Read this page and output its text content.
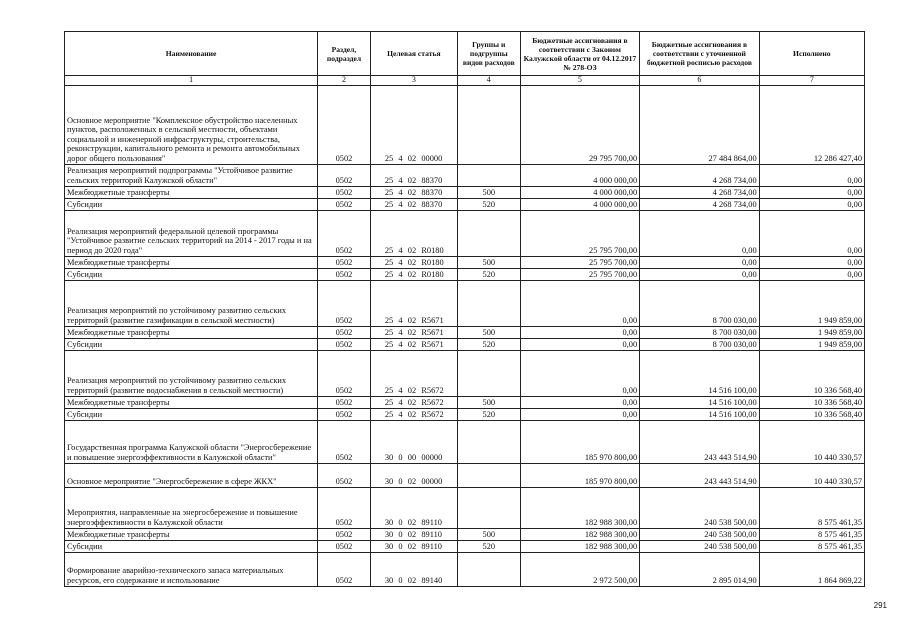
Наименование	Раздел, подраздел	Целевая статья	Группы и подгруппы видов расходов	Бюджетные ассигнования в соответствии с Законом Калужской области от 04.12.2017 № 278-ОЗ	Бюджетные ассигнования в соответствии с уточненной бюджетной росписью расходов	Исполнено
1	2	3	4	5	6	7
Основное мероприятие "Комплексное обустройство населенных пунктов, расположенных в сельской местности, объектами социальной и инженерной инфраструктуры, строительства, реконструкции, капитального ремонта и ремонта автомобильных дорог общего пользования"	0502	25  4  02  00000		29 795 700,00	27 484 864,00	12 286 427,40
Реализация мероприятий подпрограммы "Устойчивое развитие сельских территорий Калужской области"	0502	25  4  02  88370		4 000 000,00	4 268 734,00	0,00
Межбюджетные трансферты	0502	25  4  02  88370	500	4 000 000,00	4 268 734,00	0,00
Субсидии	0502	25  4  02  88370	520	4 000 000,00	4 268 734,00	0,00
Реализация мероприятий федеральной целевой программы "Устойчивое развитие сельских территорий на 2014 - 2017 годы и на период до 2020 года"	0502	25  4  02  R0180		25 795 700,00	0,00	0,00
Межбюджетные трансферты	0502	25  4  02  R0180	500	25 795 700,00	0,00	0,00
Субсидии	0502	25  4  02  R0180	520	25 795 700,00	0,00	0,00
Реализация мероприятий по устойчивому развитию сельских территорий (развитие газификации в сельской местности)	0502	25  4  02  R5671		0,00	8 700 030,00	1 949 859,00
Межбюджетные трансферты	0502	25  4  02  R5671	500	0,00	8 700 030,00	1 949 859,00
Субсидии	0502	25  4  02  R5671	520	0,00	8 700 030,00	1 949 859,00
Реализация мероприятий по устойчивому развитию сельских территорий (развитие водоснабжения в сельской местности)	0502	25  4  02  R5672		0,00	14 516 100,00	10 336 568,40
Межбюджетные трансферты	0502	25  4  02  R5672	500	0,00	14 516 100,00	10 336 568,40
Субсидии	0502	25  4  02  R5672	520	0,00	14 516 100,00	10 336 568,40
Государственная программа Калужской области "Энергосбережение и повышение энергоэффективности в Калужской области"	0502	30  0  00  00000		185 970 800,00	243 443 514,90	10 440 330,57
Основное мероприятие "Энергосбережение в сфере ЖКХ"	0502	30  0  02  00000		185 970 800,00	243 443 514,90	10 440 330,57
Мероприятия, направленные на энергосбережение и повышение энергоэффективности в Калужской области	0502	30  0  02  89110		182 988 300,00	240 538 500,00	8 575 461,35
Межбюджетные трансферты	0502	30  0  02  89110	500	182 988 300,00	240 538 500,00	8 575 461,35
Субсидии	0502	30  0  02  89110	520	182 988 300,00	240 538 500,00	8 575 461,35
Формирование аварийно-технического запаса материальных ресурсов, его содержание и использование	0502	30  0  02  89140		2 972 500,00	2 895 014,90	1 864 869,22
291
